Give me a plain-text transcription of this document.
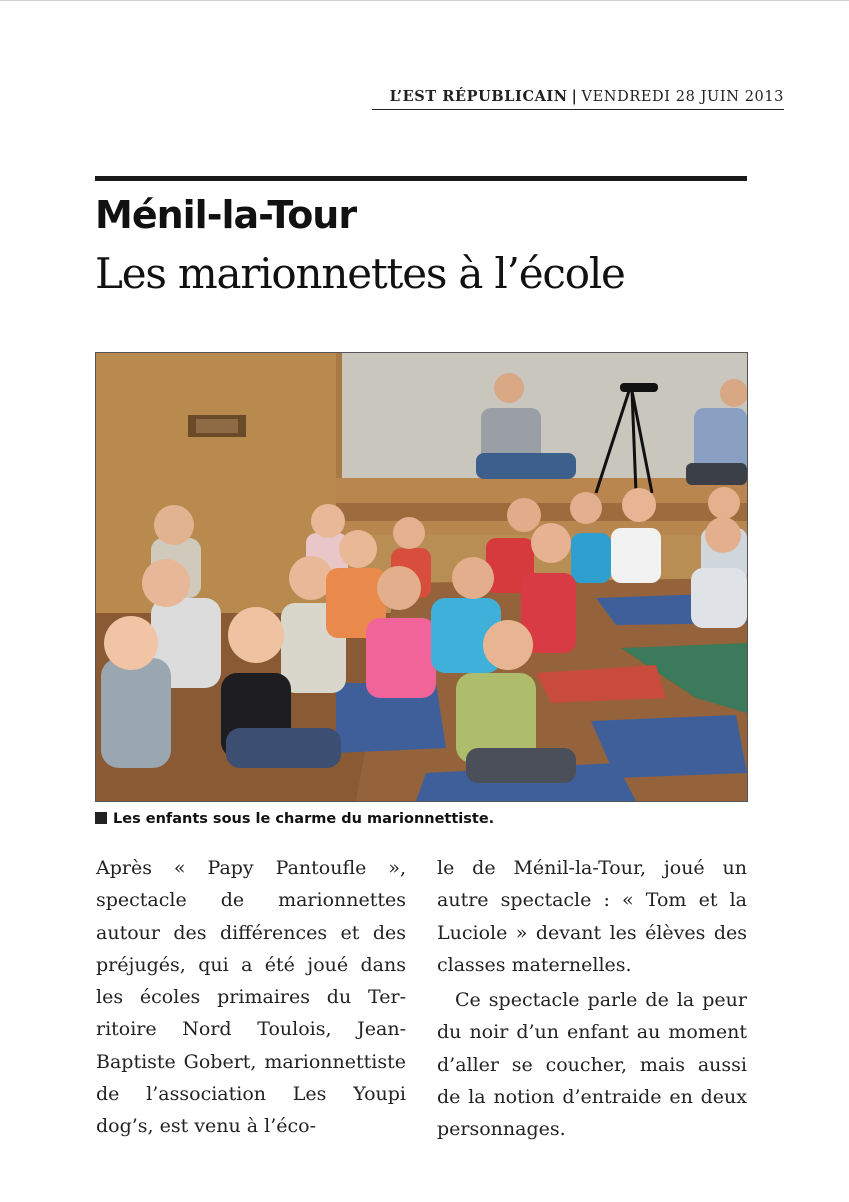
L’EST RÉPUBLICAIN | VENDREDI 28 JUIN 2013
Ménil-la-Tour
Les marionnettes à l’école
Les enfants sous le charme du marionnettiste.

Après « Papy Pantoufle », spectacle de marionnettes autour des différences et des préjugés, qui a été joué dans les écoles primaires du Territoire Nord Toulois, Jean-Baptiste Gobert, marionnettiste de l’association Les Youpi dog’s, est venu à l’éco-

le de Ménil-la-Tour, joué un autre spectacle : « Tom et la Luciole » devant les élèves des classes maternelles.

Ce spectacle parle de la peur du noir d’un enfant au moment d’aller se coucher, mais aussi de la notion d’entraide en deux personnages.
